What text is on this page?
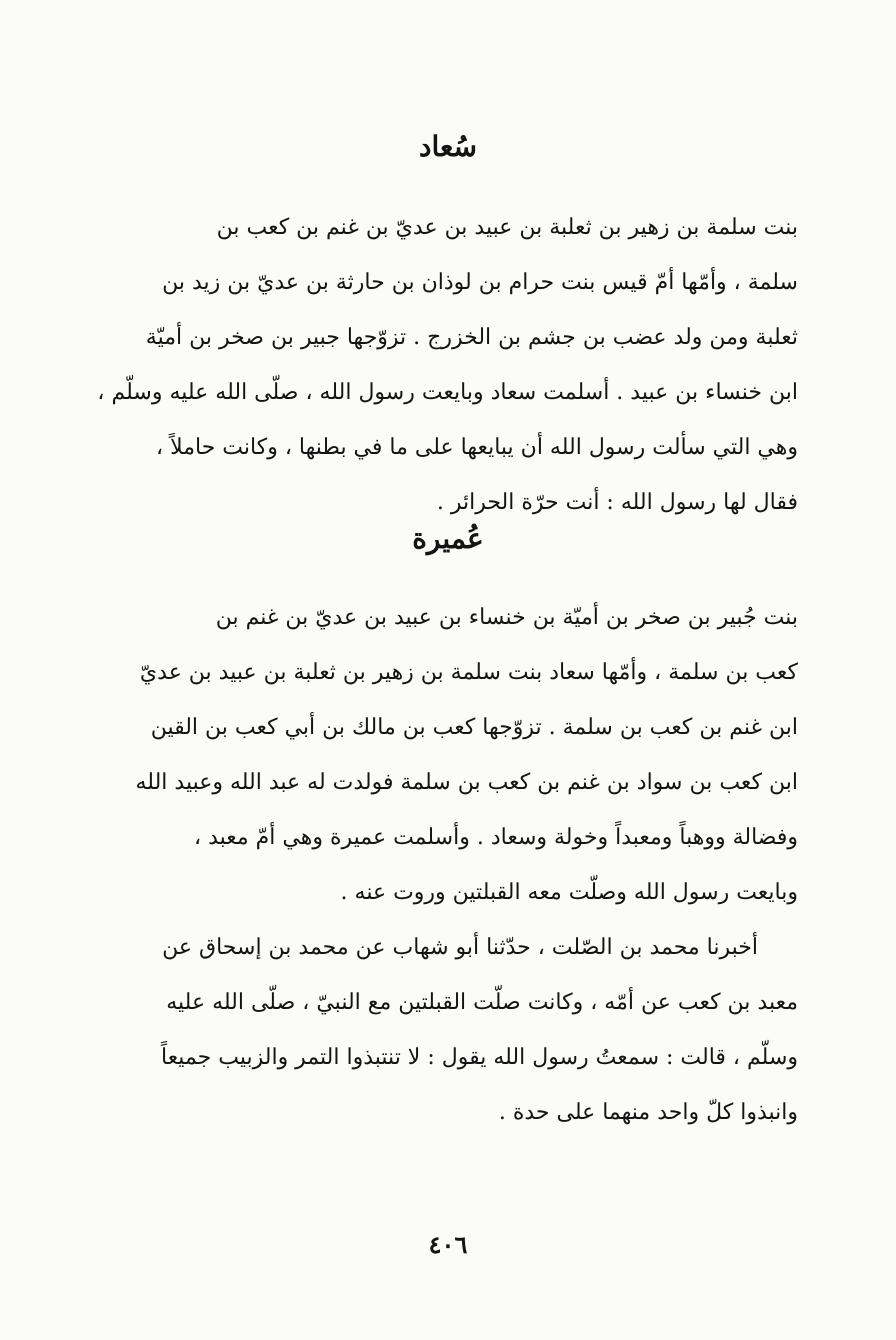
سُعاد
بنت سلمة بن زهير بن ثعلبة بن عبيد بن عديّ بن غنم بن كعب بن
سلمة ، وأمّها أمّ قيس بنت حرام بن لوذان بن حارثة بن عديّ بن زيد بن
ثعلبة ومن ولد عضب بن جشم بن الخزرج . تزوّجها جبير بن صخر بن أميّة
ابن خنساء بن عبيد . أسلمت سعاد وبايعت رسول الله ، صلّى الله عليه وسلّم ،
وهي التي سألت رسول الله أن يبايعها على ما في بطنها ، وكانت حاملاً ،
فقال لها رسول الله : أنت حرّة الحرائر .
عُميرة
بنت جُبير بن صخر بن أميّة بن خنساء بن عبيد بن عديّ بن غنم بن
كعب بن سلمة ، وأمّها سعاد بنت سلمة بن زهير بن ثعلبة بن عبيد بن عديّ
ابن غنم بن كعب بن سلمة . تزوّجها كعب بن مالك بن أبي كعب بن القين
ابن كعب بن سواد بن غنم بن كعب بن سلمة فولدت له عبد الله وعبيد الله
وفضالة ووهباً ومعبداً وخولة وسعاد . وأسلمت عميرة وهي أمّ معبد ،
وبايعت رسول الله وصلّت معه القبلتين وروت عنه .
أخبرنا محمد بن الصّلت ، حدّثنا أبو شهاب عن محمد بن إسحاق عن
معبد بن كعب عن أمّه ، وكانت صلّت القبلتين مع النبيّ ، صلّى الله عليه
وسلّم ، قالت : سمعتُ رسول الله يقول : لا تنتبذوا التمر والزبيب جميعاً
وانبذوا كلّ واحد منهما على حدة .
٤٠٦
